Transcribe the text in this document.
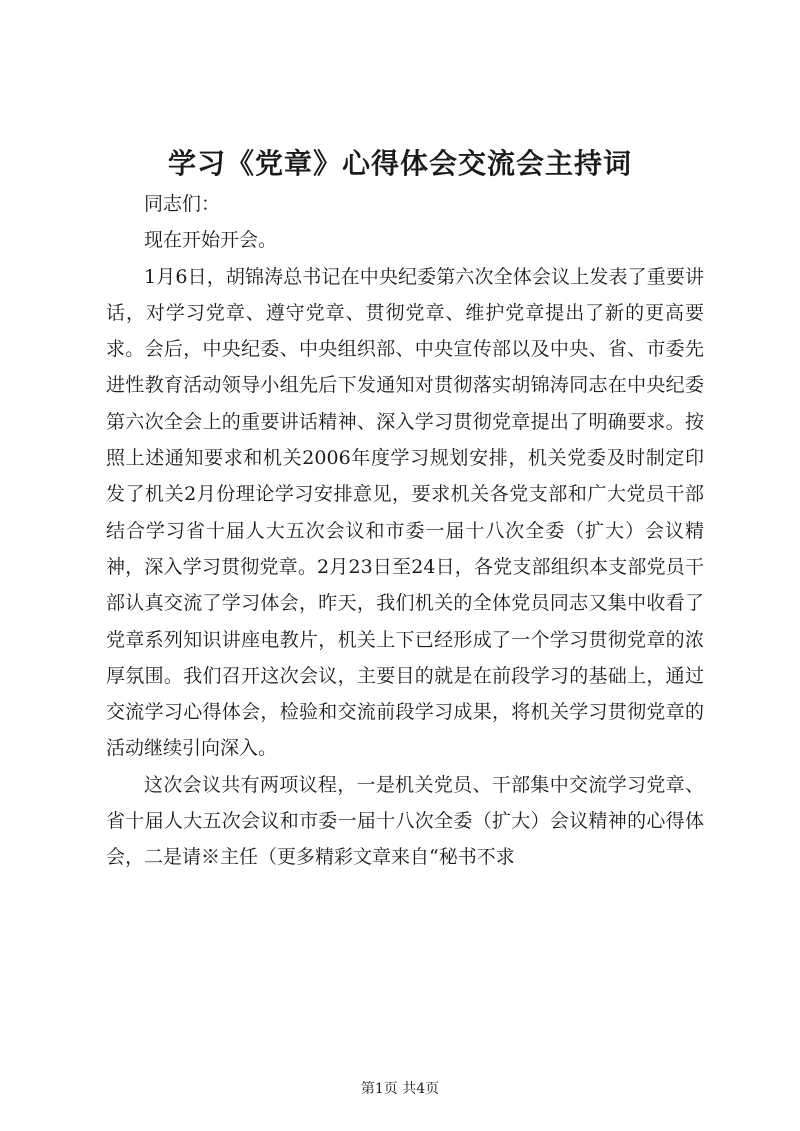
学习《党章》心得体会交流会主持词

同志们：

现在开始开会。

1月6日，胡锦涛总书记在中央纪委第六次全体会议上发表了重要讲话，对学习党章、遵守党章、贯彻党章、维护党章提出了新的更高要求。会后，中央纪委、中央组织部、中央宣传部以及中央、省、市委先进性教育活动领导小组先后下发通知对贯彻落实胡锦涛同志在中央纪委第六次全会上的重要讲话精神、深入学习贯彻党章提出了明确要求。按照上述通知要求和机关2006年度学习规划安排，机关党委及时制定印发了机关2月份理论学习安排意见，要求机关各党支部和广大党员干部结合学习省十届人大五次会议和市委一届十八次全委（扩大）会议精神，深入学习贯彻党章。2月23日至24日，各党支部组织本支部党员干部认真交流了学习体会，昨天，我们机关的全体党员同志又集中收看了党章系列知识讲座电教片，机关上下已经形成了一个学习贯彻党章的浓厚氛围。我们召开这次会议，主要目的就是在前段学习的基础上，通过交流学习心得体会，检验和交流前段学习成果，将机关学习贯彻党章的活动继续引向深入。

这次会议共有两项议程，一是机关党员、干部集中交流学习党章、省十届人大五次会议和市委一届十八次全委（扩大）会议精神的心得体会，二是请※主任（更多精彩文章来自“秘书不求

第1页 共4页
